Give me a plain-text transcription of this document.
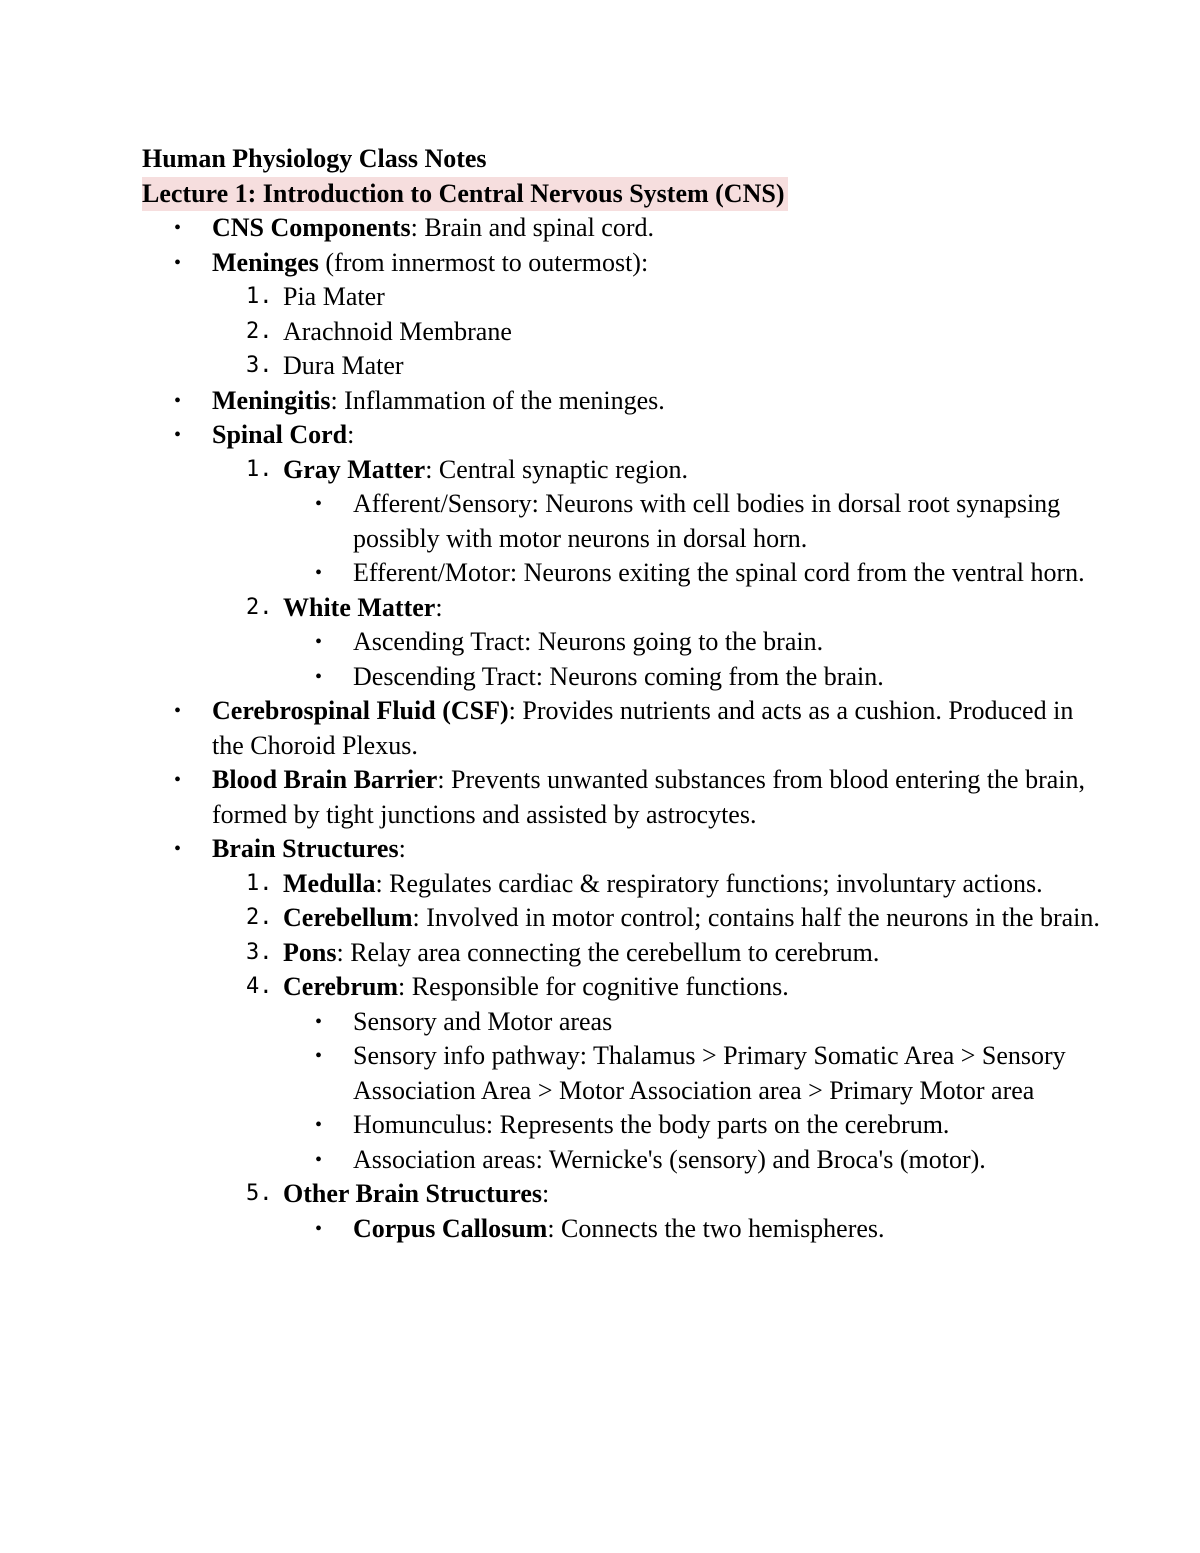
Human Physiology Class Notes
Lecture 1: Introduction to Central Nervous System (CNS)
• CNS Components: Brain and spinal cord.
• Meninges (from innermost to outermost):
1. Pia Mater
2. Arachnoid Membrane
3. Dura Mater
• Meningitis: Inflammation of the meninges.
• Spinal Cord:
1. Gray Matter: Central synaptic region.
• Afferent/Sensory: Neurons with cell bodies in dorsal root synapsing possibly with motor neurons in dorsal horn.
• Efferent/Motor: Neurons exiting the spinal cord from the ventral horn.
2. White Matter:
• Ascending Tract: Neurons going to the brain.
• Descending Tract: Neurons coming from the brain.
• Cerebrospinal Fluid (CSF): Provides nutrients and acts as a cushion. Produced in the Choroid Plexus.
• Blood Brain Barrier: Prevents unwanted substances from blood entering the brain, formed by tight junctions and assisted by astrocytes.
• Brain Structures:
1. Medulla: Regulates cardiac & respiratory functions; involuntary actions.
2. Cerebellum: Involved in motor control; contains half the neurons in the brain.
3. Pons: Relay area connecting the cerebellum to cerebrum.
4. Cerebrum: Responsible for cognitive functions.
• Sensory and Motor areas
• Sensory info pathway: Thalamus > Primary Somatic Area > Sensory Association Area > Motor Association area > Primary Motor area
• Homunculus: Represents the body parts on the cerebrum.
• Association areas: Wernicke's (sensory) and Broca's (motor).
5. Other Brain Structures:
• Corpus Callosum: Connects the two hemispheres.
